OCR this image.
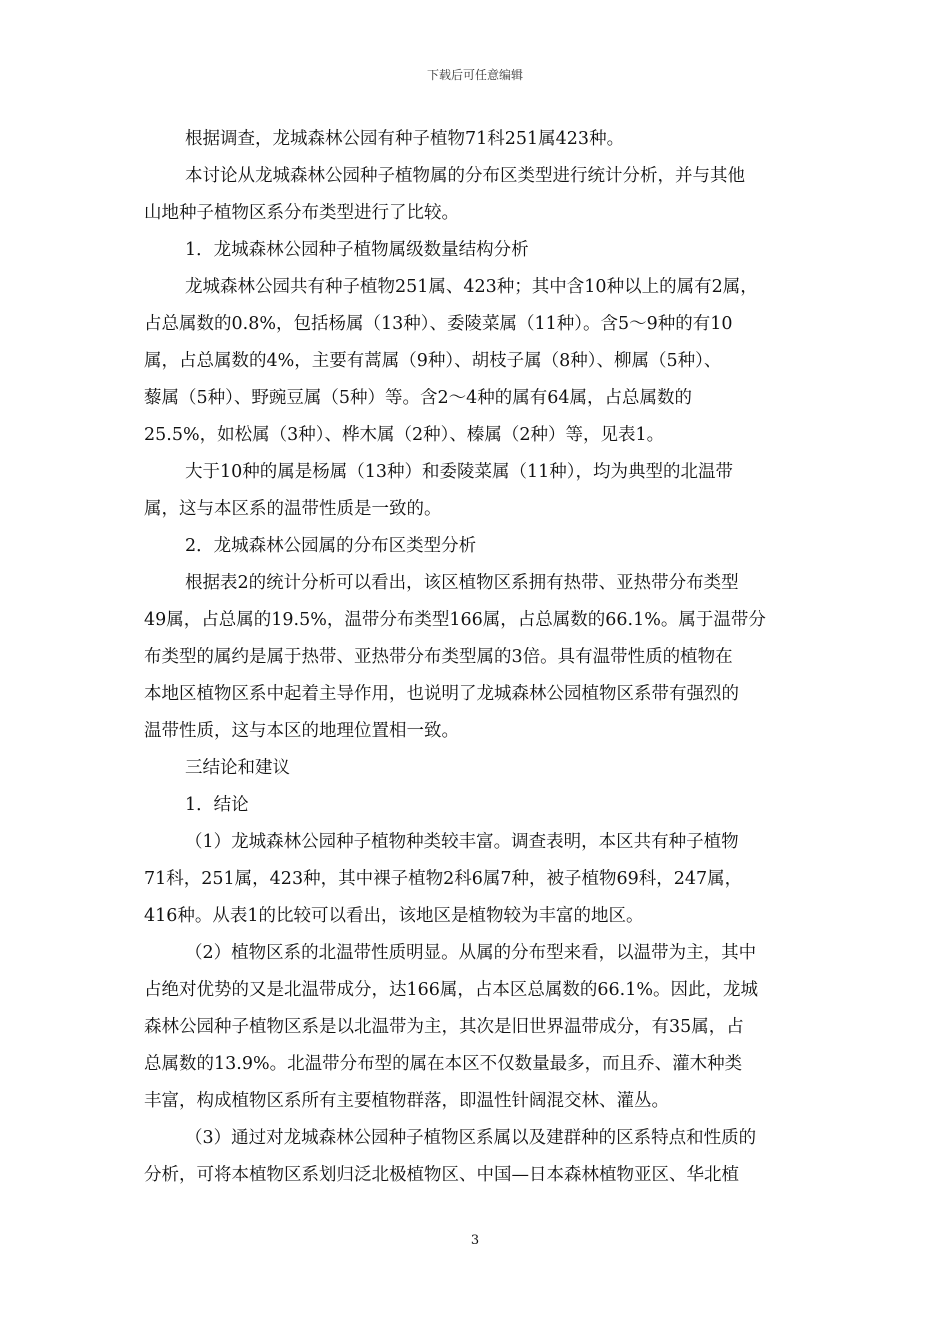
下载后可任意编辑
根据调查，龙城森林公园有种子植物71科251属423种。
本讨论从龙城森林公园种子植物属的分布区类型进行统计分析，并与其他
山地种子植物区系分布类型进行了比较。
1．龙城森林公园种子植物属级数量结构分析
龙城森林公园共有种子植物251属、423种；其中含10种以上的属有2属，
占总属数的0.8%，包括杨属（13种）、委陵菜属（11种）。含5～9种的有10
属，占总属数的4%，主要有蒿属（9种）、胡枝子属（8种）、柳属（5种）、
藜属（5种）、野豌豆属（5种）等。含2～4种的属有64属，占总属数的
25.5%，如松属（3种）、桦木属（2种）、榛属（2种）等，见表1。
大于10种的属是杨属（13种）和委陵菜属（11种），均为典型的北温带
属，这与本区系的温带性质是一致的。
2．龙城森林公园属的分布区类型分析
根据表2的统计分析可以看出，该区植物区系拥有热带、亚热带分布类型
49属，占总属的19.5%，温带分布类型166属，占总属数的66.1%。属于温带分
布类型的属约是属于热带、亚热带分布类型属的3倍。具有温带性质的植物在
本地区植物区系中起着主导作用，也说明了龙城森林公园植物区系带有强烈的
温带性质，这与本区的地理位置相一致。
三结论和建议
1．结论
（1）龙城森林公园种子植物种类较丰富。调查表明，本区共有种子植物
71科，251属，423种，其中裸子植物2科6属7种，被子植物69科，247属，
416种。从表1的比较可以看出，该地区是植物较为丰富的地区。
（2）植物区系的北温带性质明显。从属的分布型来看，以温带为主，其中
占绝对优势的又是北温带成分，达166属，占本区总属数的66.1%。因此，龙城
森林公园种子植物区系是以北温带为主，其次是旧世界温带成分，有35属，占
总属数的13.9%。北温带分布型的属在本区不仅数量最多，而且乔、灌木种类
丰富，构成植物区系所有主要植物群落，即温性针阔混交林、灌丛。
（3）通过对龙城森林公园种子植物区系属以及建群种的区系特点和性质的
分析，可将本植物区系划归泛北极植物区、中国—日本森林植物亚区、华北植
3
